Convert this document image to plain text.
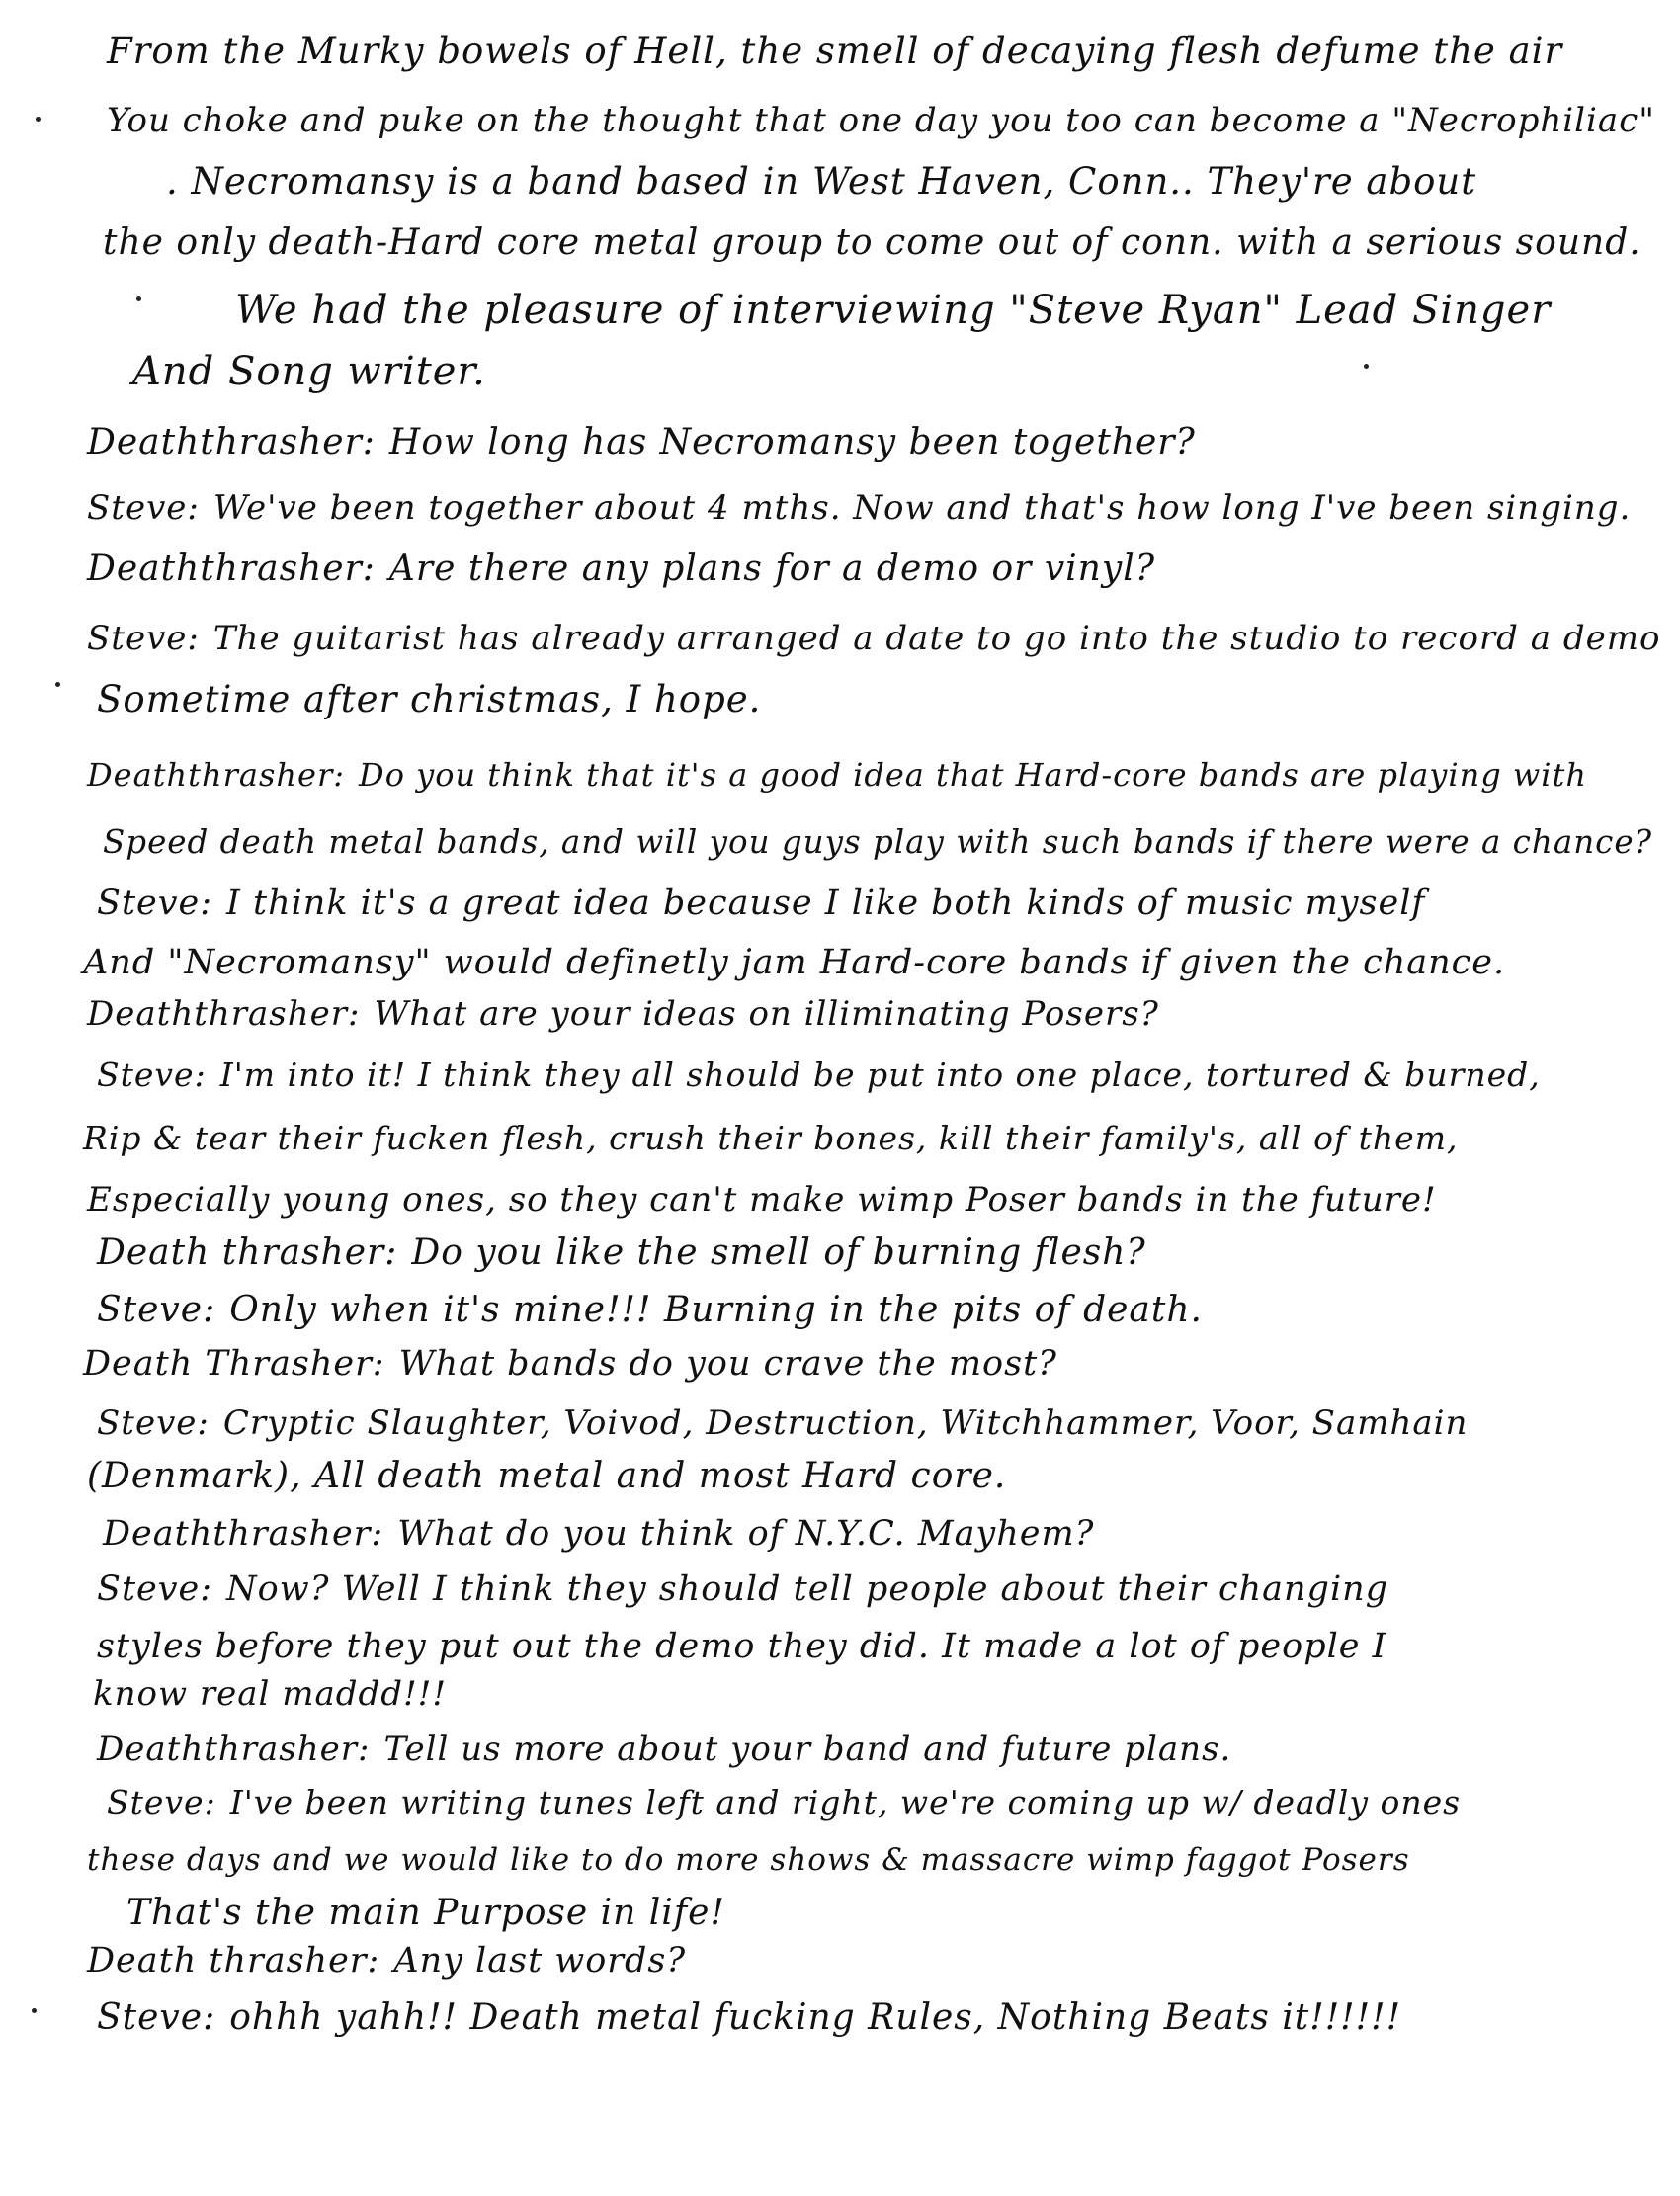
From the Murky bowels of Hell, the smell of decaying flesh defume the air
You choke and puke on the thought that one day you too can become a "Necrophiliac"
. Necromansy is a band based in West Haven, Conn.. They're about
the only death-Hard core metal group to come out of conn. with a serious sound.
We had the pleasure of interviewing "Steve Ryan" Lead Singer
And Song writer.
Deaththrasher: How long has Necromansy been together?
Steve: We've been together about 4 mths. Now and that's how long I've been singing.
Deaththrasher: Are there any plans for a demo or vinyl?
Steve: The guitarist has already arranged a date to go into the studio to record a demo
Sometime after christmas, I hope.
Deaththrasher: Do you think that it's a good idea that Hard-core bands are playing with
Speed death metal bands, and will you guys play with such bands if there were a chance?
Steve: I think it's a great idea because I like both kinds of music myself
And "Necromansy" would definetly jam Hard-core bands if given the chance.
Deaththrasher: What are your ideas on illiminating Posers?
Steve: I'm into it! I think they all should be put into one place, tortured & burned,
Rip & tear their fucken flesh, crush their bones, kill their family's, all of them,
Especially young ones, so they can't make wimp Poser bands in the future!
Death thrasher: Do you like the smell of burning flesh?
Steve: Only when it's mine!!! Burning in the pits of death.
Death Thrasher: What bands do you crave the most?
Steve: Cryptic Slaughter, Voivod, Destruction, Witchhammer, Voor, Samhain
(Denmark), All death metal and most Hard core.
Deaththrasher: What do you think of N.Y.C. Mayhem?
Steve: Now? Well I think they should tell people about their changing
styles before they put out the demo they did. It made a lot of people I
know real maddd!!!
Deaththrasher: Tell us more about your band and future plans.
Steve: I've been writing tunes left and right, we're coming up w/ deadly ones
these days and we would like to do more shows & massacre wimp faggot Posers
That's the main Purpose in life!
Death thrasher: Any last words?
Steve: ohhh yahh!! Death metal fucking Rules, Nothing Beats it!!!!!!
